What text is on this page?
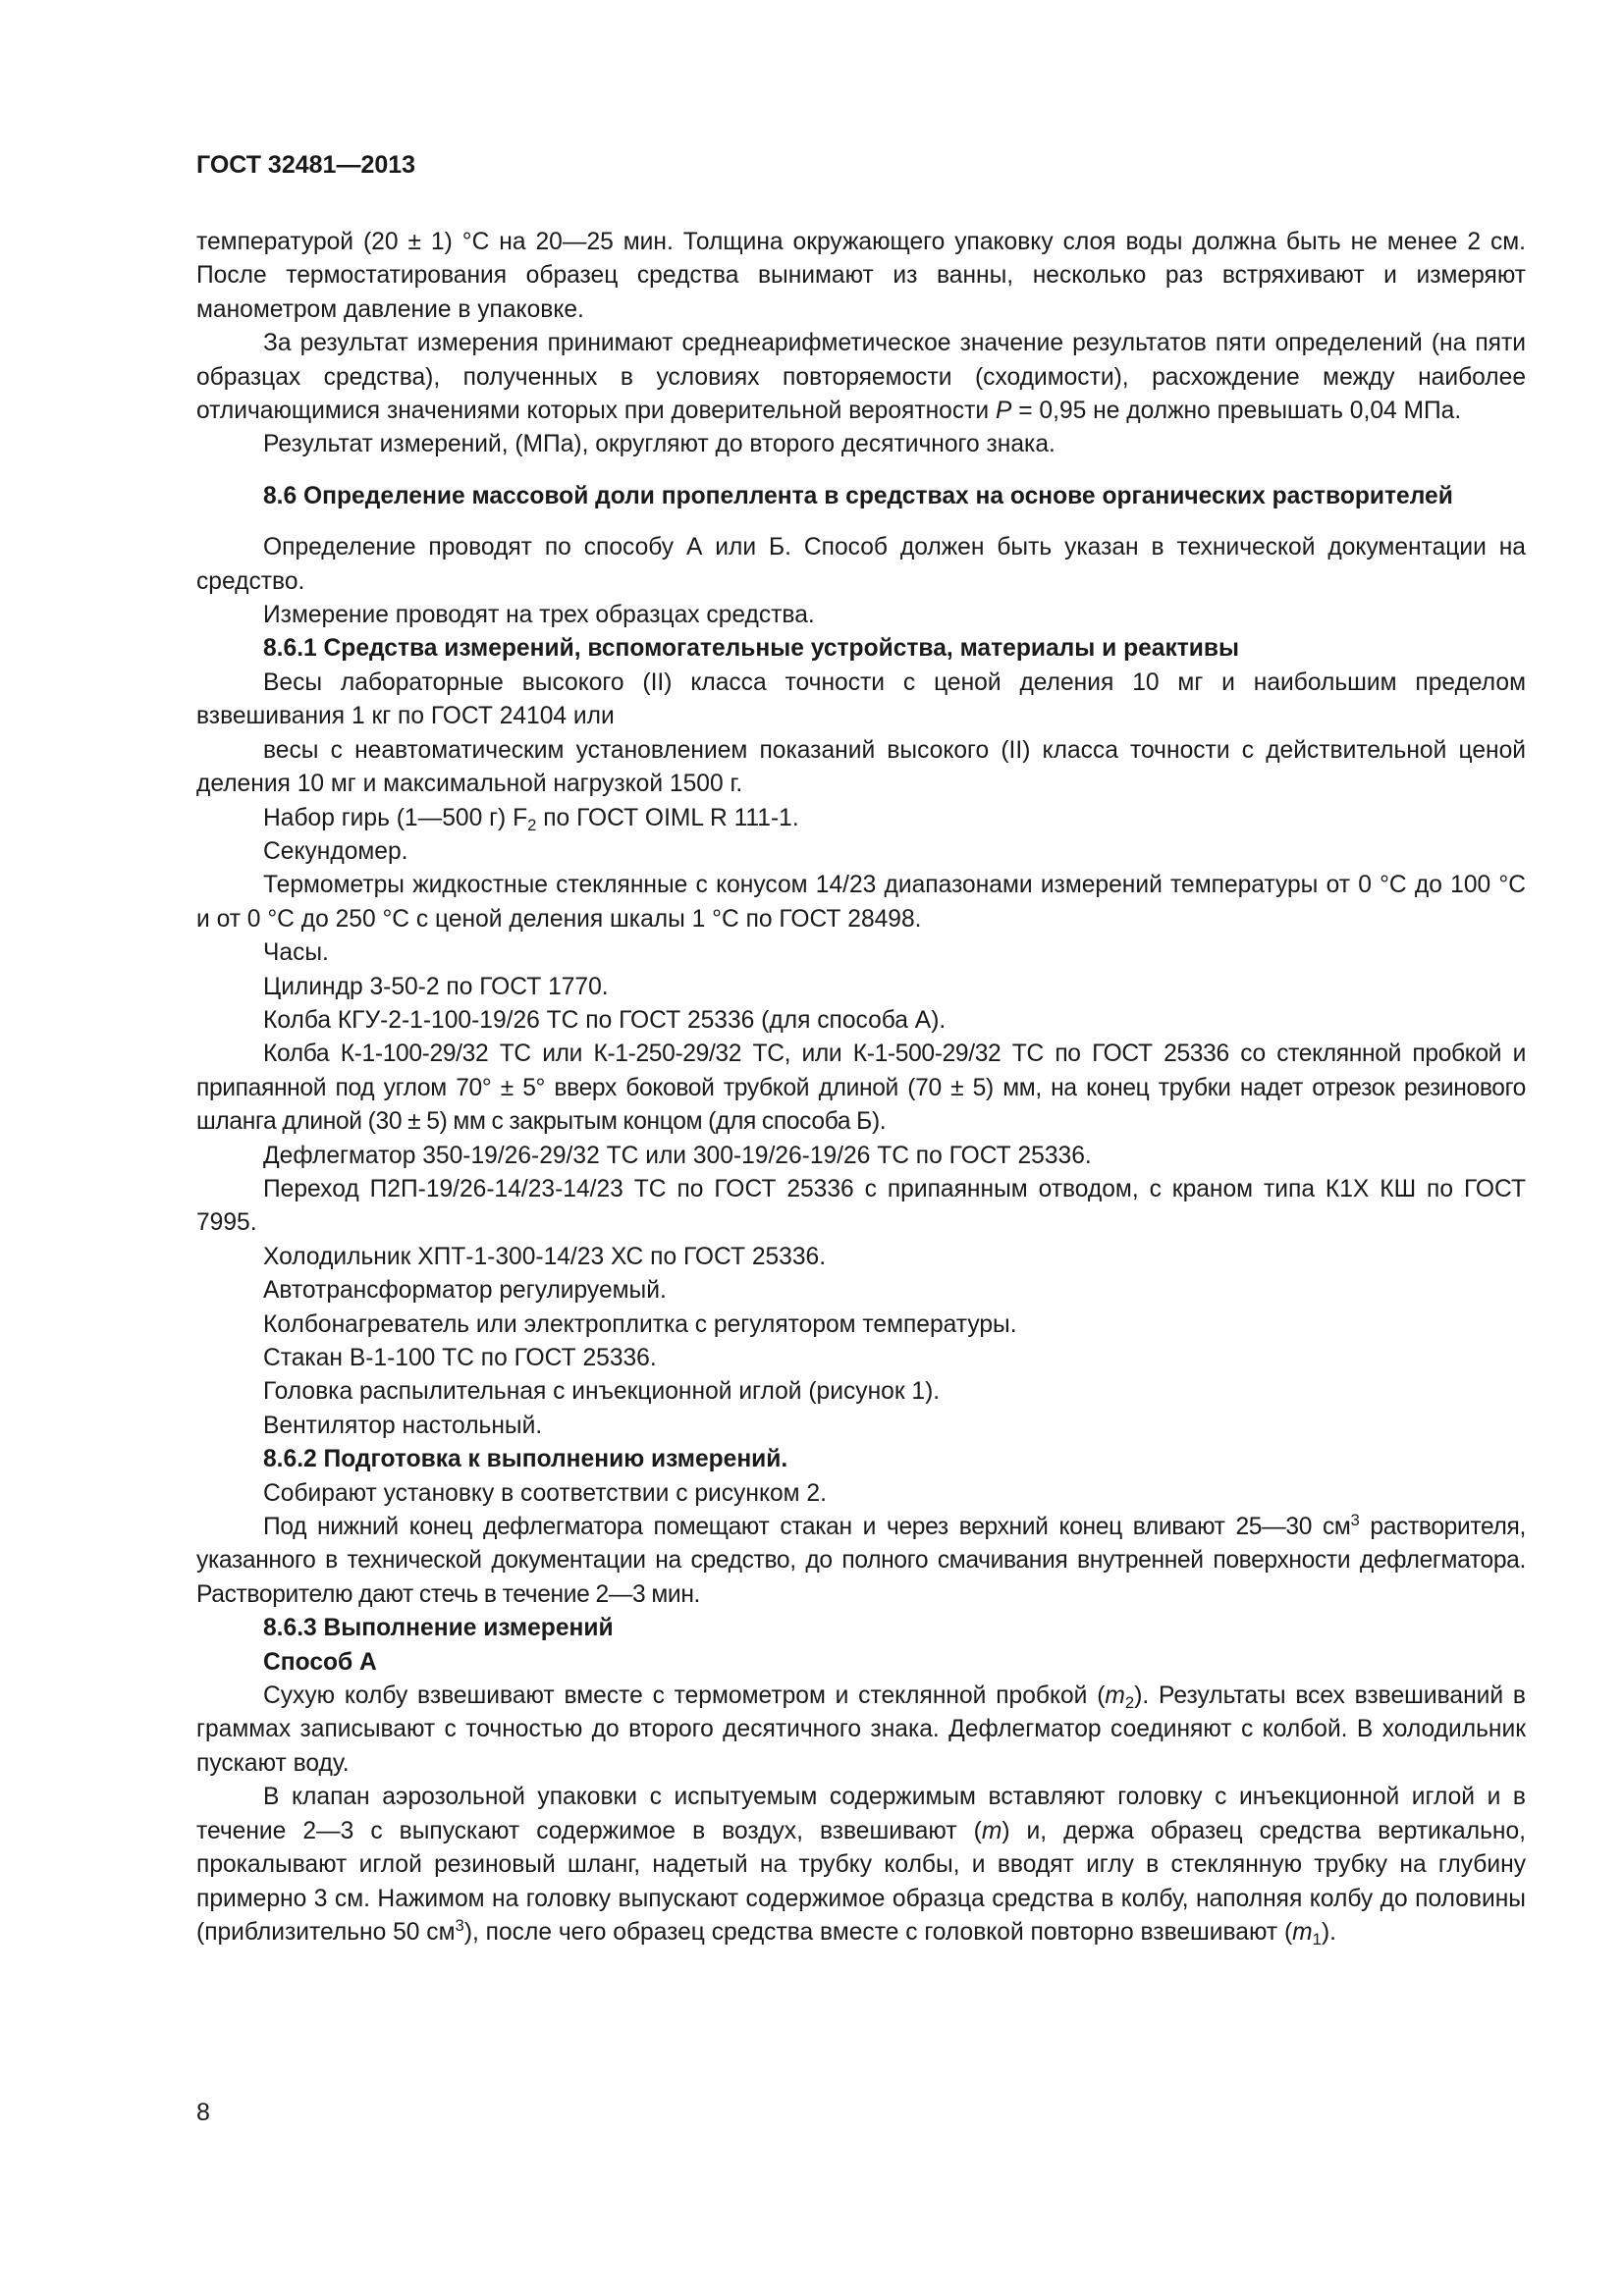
ГОСТ 32481—2013

температурой (20 ± 1) °С на 20—25 мин. Толщина окружающего упаковку слоя воды должна быть не менее 2 см. После термостатирования образец средства вынимают из ванны, несколько раз встряхивают и измеряют манометром давление в упаковке.

За результат измерения принимают среднеарифметическое значение результатов пяти определений (на пяти образцах средства), полученных в условиях повторяемости (сходимости), расхождение между наиболее отличающимися значениями которых при доверительной вероятности Р = 0,95 не должно превышать 0,04 МПа.

Результат измерений, (МПа), округляют до второго десятичного знака.

8.6 Определение массовой доли пропеллента в средствах на основе органических растворителей

Определение проводят по способу А или Б. Способ должен быть указан в технической документации на средство.

Измерение проводят на трех образцах средства.

8.6.1 Средства измерений, вспомогательные устройства, материалы и реактивы

Весы лабораторные высокого (II) класса точности с ценой деления 10 мг и наибольшим пределом взвешивания 1 кг по ГОСТ 24104 или

весы с неавтоматическим установлением показаний высокого (II) класса точности с действительной ценой деления 10 мг и максимальной нагрузкой 1500 г.

Набор гирь (1—500 г) $F_2$ по ГОСТ OIML R 111-1.

Секундомер.

Термометры жидкостные стеклянные с конусом 14/23 диапазонами измерений температуры от 0 °С до 100 °С и от 0 °С до 250 °С с ценой деления шкалы 1 °С по ГОСТ 28498.

Часы.

Цилиндр 3-50-2 по ГОСТ 1770.

Колба КГУ-2-1-100-19/26 ТС по ГОСТ 25336 (для способа А).

Колба К-1-100-29/32 ТС или К-1-250-29/32 ТС, или К-1-500-29/32 ТС по ГОСТ 25336 со стеклянной пробкой и припаянной под углом 70° ± 5° вверх боковой трубкой длиной (70 ± 5) мм, на конец трубки надет отрезок резинового шланга длиной (30 ± 5) мм с закрытым концом (для способа Б).

Дефлегматор 350-19/26-29/32 ТС или 300-19/26-19/26 ТС по ГОСТ 25336.

Переход П2П-19/26-14/23-14/23 ТС по ГОСТ 25336 с припаянным отводом, с краном типа К1Х КШ по ГОСТ 7995.

Холодильник ХПТ-1-300-14/23 ХС по ГОСТ 25336.

Автотрансформатор регулируемый.

Колбонагреватель или электроплитка с регулятором температуры.

Стакан В-1-100 ТС по ГОСТ 25336.

Головка распылительная с инъекционной иглой (рисунок 1).

Вентилятор настольный.

8.6.2 Подготовка к выполнению измерений.

Собирают установку в соответствии с рисунком 2.

Под нижний конец дефлегматора помещают стакан и через верхний конец вливают 25—30 $см^3$ растворителя, указанного в технической документации на средство, до полного смачивания внутренней поверхности дефлегматора. Растворителю дают стечь в течение 2—3 мин.

8.6.3 Выполнение измерений

Способ А

Сухую колбу взвешивают вместе с термометром и стеклянной пробкой $(m_2)$. Результаты всех взвешиваний в граммах записывают с точностью до второго десятичного знака. Дефлегматор соединяют с колбой. В холодильник пускают воду.

В клапан аэрозольной упаковки с испытуемым содержимым вставляют головку с инъекционной иглой и в течение 2—3 с выпускают содержимое в воздух, взвешивают (m) и, держа образец средства вертикально, прокалывают иглой резиновый шланг, надетый на трубку колбы, и вводят иглу в стеклянную трубку на глубину примерно 3 см. Нажимом на головку выпускают содержимое образца средства в колбу, наполняя колбу до половины (приблизительно 50 $см^3$), после чего образец средства вместе с головкой повторно взвешивают $(m_1)$.

8
